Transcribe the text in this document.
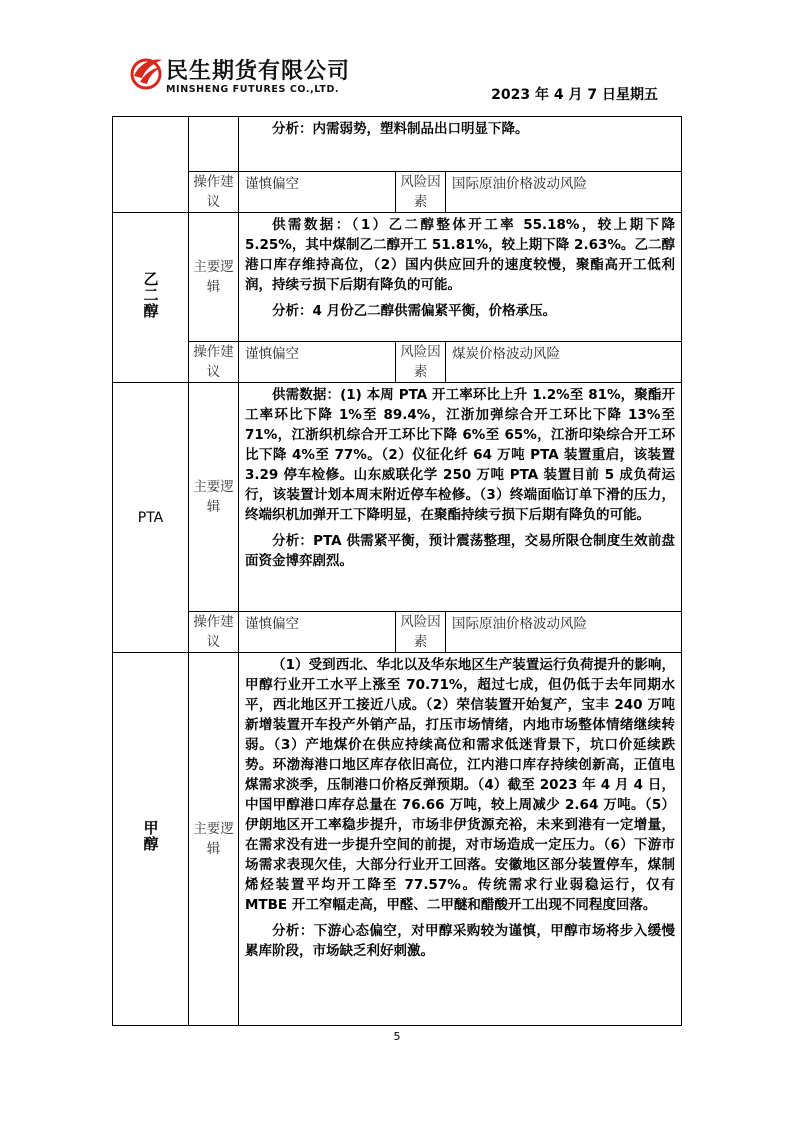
民生期货有限公司
MINSHENG FUTURES CO.,LTD.	2023 年 4 月 7 日星期五

		分析：内需弱势，塑料制品出口明显下降。		

	操作建议	谨慎偏空	风险因素	国际原油价格波动风险
乙二醇	主要逻辑	供需数据：（1）乙二醇整体开工率 55.18%，较上期下降 5.25%，其中煤制乙二醇开工 51.81%，较上期下降 2.63%。乙二醇港口库存维持高位，（2）国内供应回升的速度较慢，聚酯高开工低利润，持续亏损下后期有降负的可能。

分析：4 月份乙二醇供需偏紧平衡，价格承压。		

	操作建议	谨慎偏空	风险因素	煤炭价格波动风险
PTA	主要逻辑	供需数据：(1) 本周 PTA 开工率环比上升 1.2%至 81%，聚酯开工率环比下降 1%至 89.4%，江浙加弹综合开工环比下降 13%至 71%，江浙织机综合开工环比下降 6%至 65%，江浙印染综合开工环比下降 4%至 77%。（2）仪征化纤 64 万吨 PTA 装置重启，该装置 3.29 停车检修。山东威联化学 250 万吨 PTA 装置目前 5 成负荷运行，该装置计划本周末附近停车检修。（3）终端面临订单下滑的压力，终端织机加弹开工下降明显，在聚酯持续亏损下后期有降负的可能。

分析：PTA 供需紧平衡，预计震荡整理，交易所限仓制度生效前盘面资金博弈剧烈。		

	操作建议	谨慎偏空	风险因素	国际原油价格波动风险
甲醇	主要逻辑	（1）受到西北、华北以及华东地区生产装置运行负荷提升的影响，甲醇行业开工水平上涨至 70.71%，超过七成，但仍低于去年同期水平，西北地区开工接近八成。（2）荣信装置开始复产，宝丰 240 万吨新增装置开车投产外销产品，打压市场情绪，内地市场整体情绪继续转弱。（3）产地煤价在供应持续高位和需求低迷背景下，坑口价延续跌势。环渤海港口地区库存依旧高位，江内港口库存持续创新高，正值电煤需求淡季，压制港口价格反弹预期。（4）截至 2023 年 4 月 4 日，中国甲醇港口库存总量在 76.66 万吨，较上周减少 2.64 万吨。（5）伊朗地区开工率稳步提升，市场非伊货源充裕，未来到港有一定增量，在需求没有进一步提升空间的前提，对市场造成一定压力。（6）下游市场需求表现欠佳，大部分行业开工回落。安徽地区部分装置停车，煤制烯烃装置平均开工降至 77.57%。传统需求行业弱稳运行，仅有 MTBE 开工窄幅走高，甲醛、二甲醚和醋酸开工出现不同程度回落。

分析：下游心态偏空，对甲醇采购较为谨慎，甲醇市场将步入缓慢累库阶段，市场缺乏利好刺激。		

5
